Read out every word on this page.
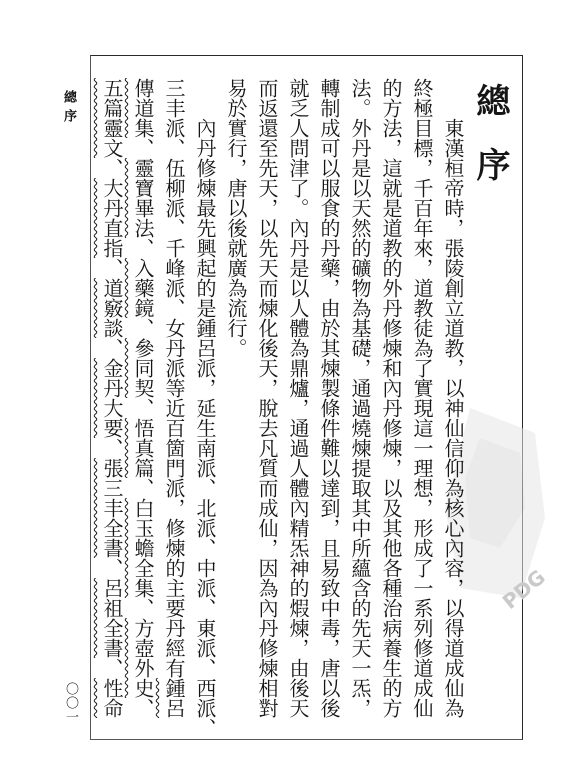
總序
〇〇一
PDG
總序
　　東漢桓帝時，張陵創立道教，以神仙信仰為核心內容，以得道成仙為
終極目標，千百年來，道教徒為了實現這一理想，形成了一系列修道成仙
的方法，這就是道教的外丹修煉和內丹修煉，以及其他各種治病養生的方
法。外丹是以天然的礦物為基礎，通過燒煉提取其中所蘊含的先天一炁，
轉制成可以服食的丹藥，由於其煉製條件難以達到，且易致中毒，唐以後
就乏人問津了。內丹是以人體為鼎爐，通過人體內精炁神的煆煉，由後天
而返還至先天，以先天而煉化後天，脫去凡質而成仙，因為內丹修煉相對
易於實行，唐以後就廣為流行。
　　內丹修煉最先興起的是鍾呂派，延生南派、北派、中派、東派、西派、
三丰派、伍柳派、千峰派、女丹派等近百箇門派，修煉的主要丹經有鍾呂
傳道集、靈寶畢法、入藥鏡、參同契、悟真篇、白玉蟾全集、方壺外史、
五篇靈文、大丹直指、道竅談、金丹大要、張三丰全書、呂祖全書、性命
